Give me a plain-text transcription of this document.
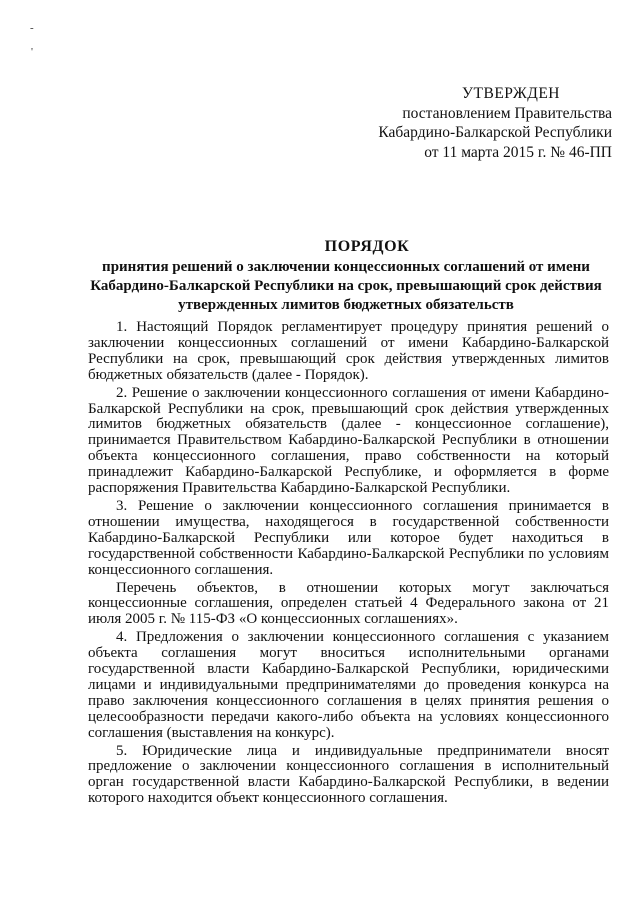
-
'
УТВЕРЖДЕН
постановлением Правительства
Кабардино-Балкарской Республики
от 11 марта 2015 г. № 46-ПП
ПОРЯДОК
принятия решений о заключении концессионных соглашений от имени Кабардино-Балкарской Республики на срок, превышающий срок действия утвержденных лимитов бюджетных обязательств

1. Настоящий Порядок регламентирует процедуру принятия решений о заключении концессионных соглашений от имени Кабардино-Балкарской Республики на срок, превышающий срок действия утвержденных лимитов бюджетных обязательств (далее - Порядок).

2. Решение о заключении концессионного соглашения от имени Кабардино-Балкарской Республики на срок, превышающий срок действия утвержденных лимитов бюджетных обязательств (далее - концессионное соглашение), принимается Правительством Кабардино-Балкарской Республики в отношении объекта концессионного соглашения, право собственности на который принадлежит Кабардино-Балкарской Республике, и оформляется в форме распоряжения Правительства Кабардино-Балкарской Республики.

3. Решение о заключении концессионного соглашения принимается в отношении имущества, находящегося в государственной собственности Кабардино-Балкарской Республики или которое будет находиться в государственной собственности Кабардино-Балкарской Республики по условиям концессионного соглашения.

Перечень объектов, в отношении которых могут заключаться концессионные соглашения, определен статьей 4 Федерального закона от 21 июля 2005 г. № 115-ФЗ «О концессионных соглашениях».

4. Предложения о заключении концессионного соглашения с указанием объекта соглашения могут вноситься исполнительными органами государственной власти Кабардино-Балкарской Республики, юридическими лицами и индивидуальными предпринимателями до проведения конкурса на право заключения концессионного соглашения в целях принятия решения о целесообразности передачи какого-либо объекта на условиях концессионного соглашения (выставления на конкурс).

5. Юридические лица и индивидуальные предприниматели вносят предложение о заключении концессионного соглашения в исполнительный орган государственной власти Кабардино-Балкарской Республики, в ведении которого находится объект концессионного соглашения.
